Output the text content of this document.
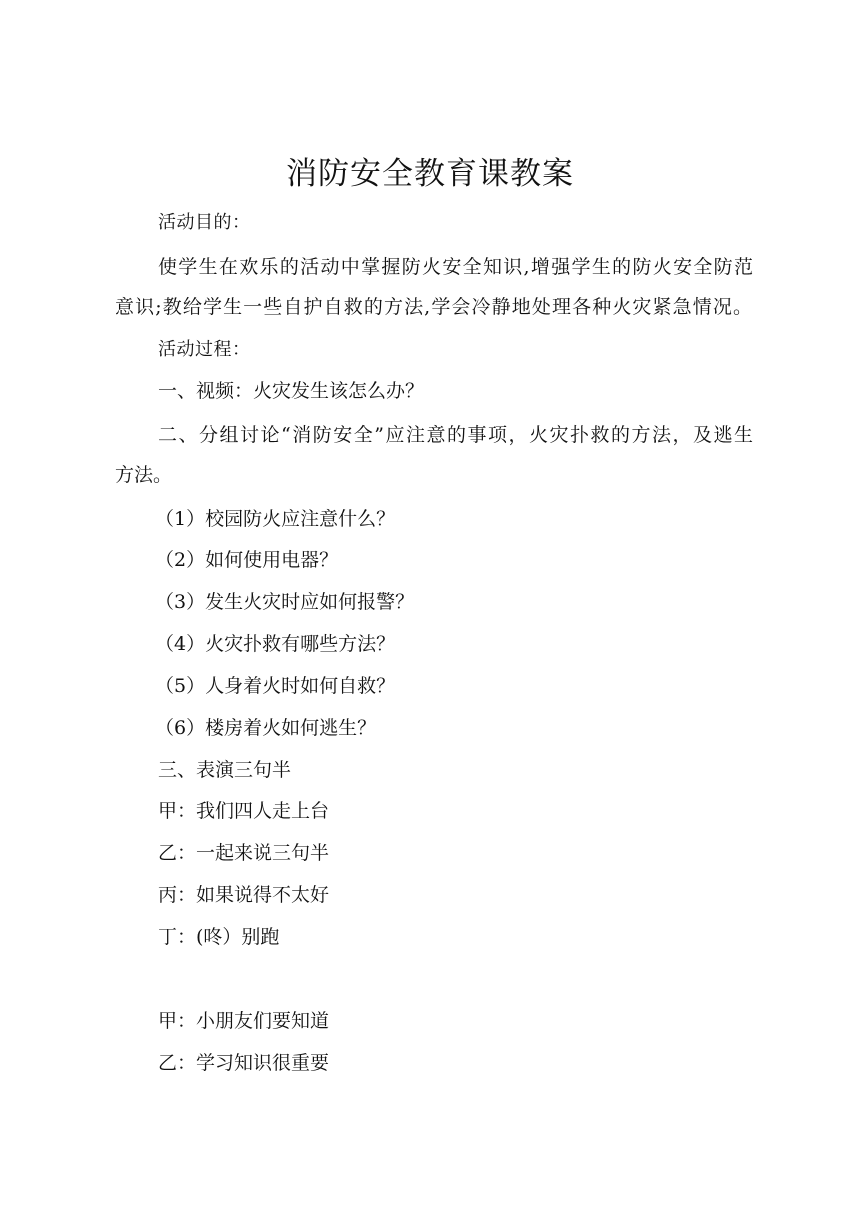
消防安全教育课教案
活动目的：
使学生在欢乐的活动中掌握防火安全知识,增强学生的防火安全防范
意识;教给学生一些自护自救的方法,学会冷静地处理各种火灾紧急情况。
活动过程：
一、视频：火灾发生该怎么办？
二、分组讨论“消防安全”应注意的事项，火灾扑救的方法，及逃生
方法。
（1）校园防火应注意什么？
（2）如何使用电器？
（3）发生火灾时应如何报警？
（4）火灾扑救有哪些方法？
（5）人身着火时如何自救？
（6）楼房着火如何逃生？
三、表演三句半
甲：我们四人走上台
乙：一起来说三句半
丙：如果说得不太好
丁：(咚）别跑
甲：小朋友们要知道
乙：学习知识很重要
